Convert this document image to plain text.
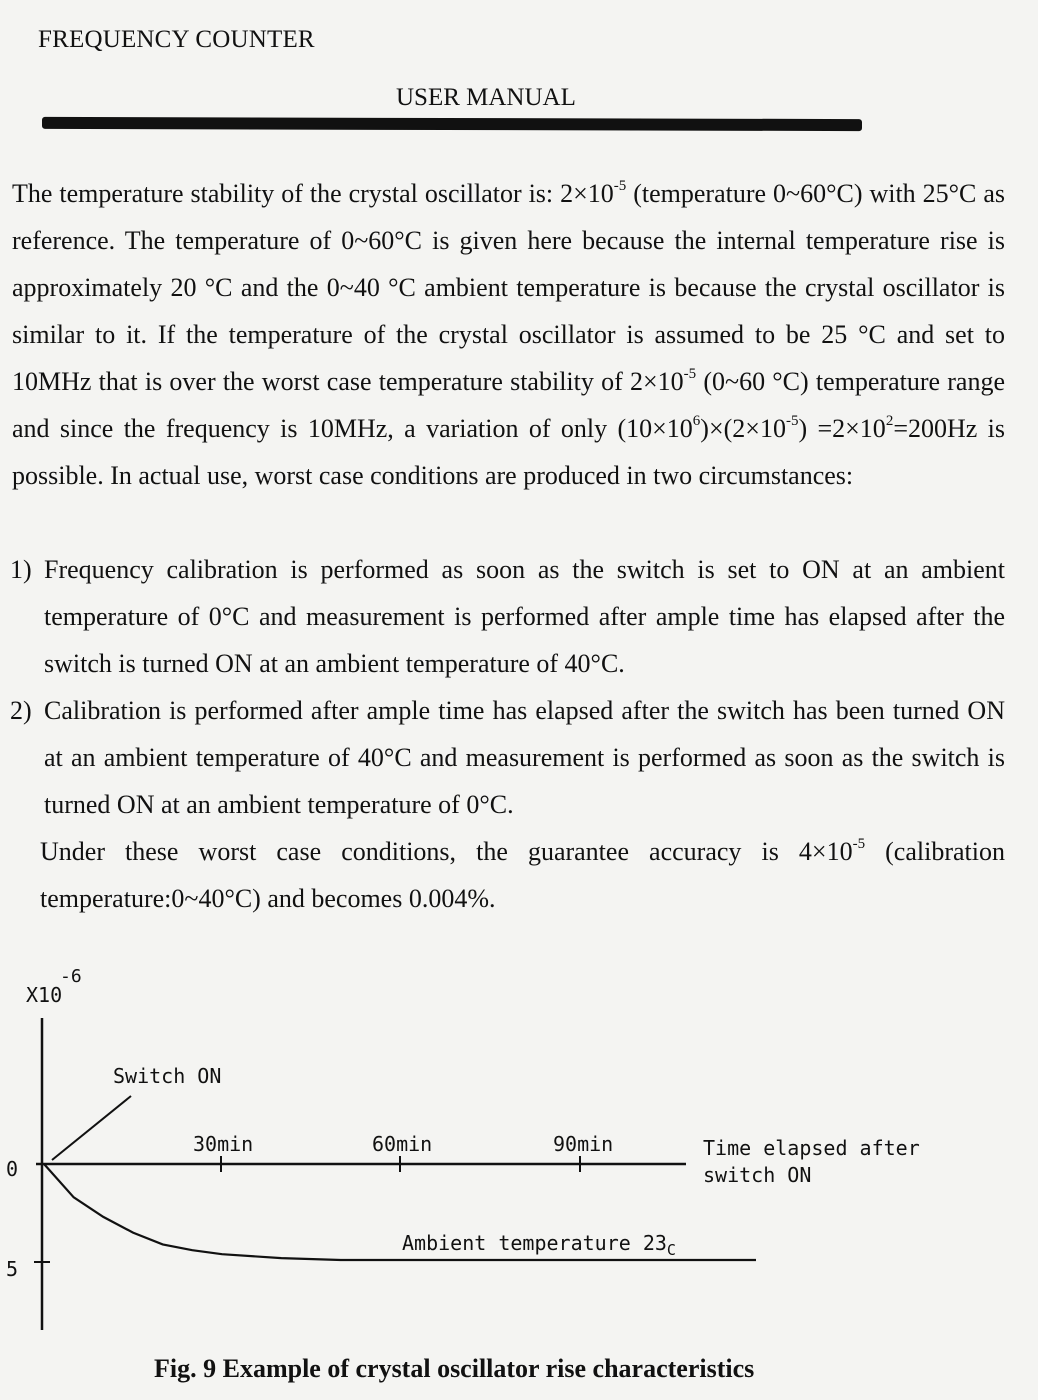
FREQUENCY COUNTER
USER MANUAL
The temperature stability of the crystal oscillator is: $2\times 10^{-5}$ (temperature 0~60°C) with 25°C as reference. The temperature of 0~60°C is given here because the internal temperature rise is approximately 20 °C and the 0~40 °C ambient temperature is because the crystal oscillator is similar to it. If the temperature of the crystal oscillator is assumed to be 25 °C and set to 10MHz that is over the worst case temperature stability of $2\times 10^{-5}$ (0~60 °C) temperature range and since the frequency is 10MHz, a variation of only $(10\times 10^6)\times(2\times 10^{-5}) =2\times 10^2=200Hz$ is possible. In actual use, worst case conditions are produced in two circumstances:
1) Frequency calibration is performed as soon as the switch is set to ON at an ambient temperature of 0°C and measurement is performed after ample time has elapsed after the switch is turned ON at an ambient temperature of 40°C.
2) Calibration is performed after ample time has elapsed after the switch has been turned ON at an ambient temperature of 40°C and measurement is performed as soon as the switch is turned ON at an ambient temperature of 0°C.
Under these worst case conditions, the guarantee accuracy is $4\times 10^{-5}$ (calibration temperature:0~40°C) and becomes 0.004%.
-6
X10
0
5
30min	60min	90min	Time elapsed after
switch ON
Switch ON
Ambient temperature $23_C$
Fig. 9 Example of crystal oscillator rise characteristics
